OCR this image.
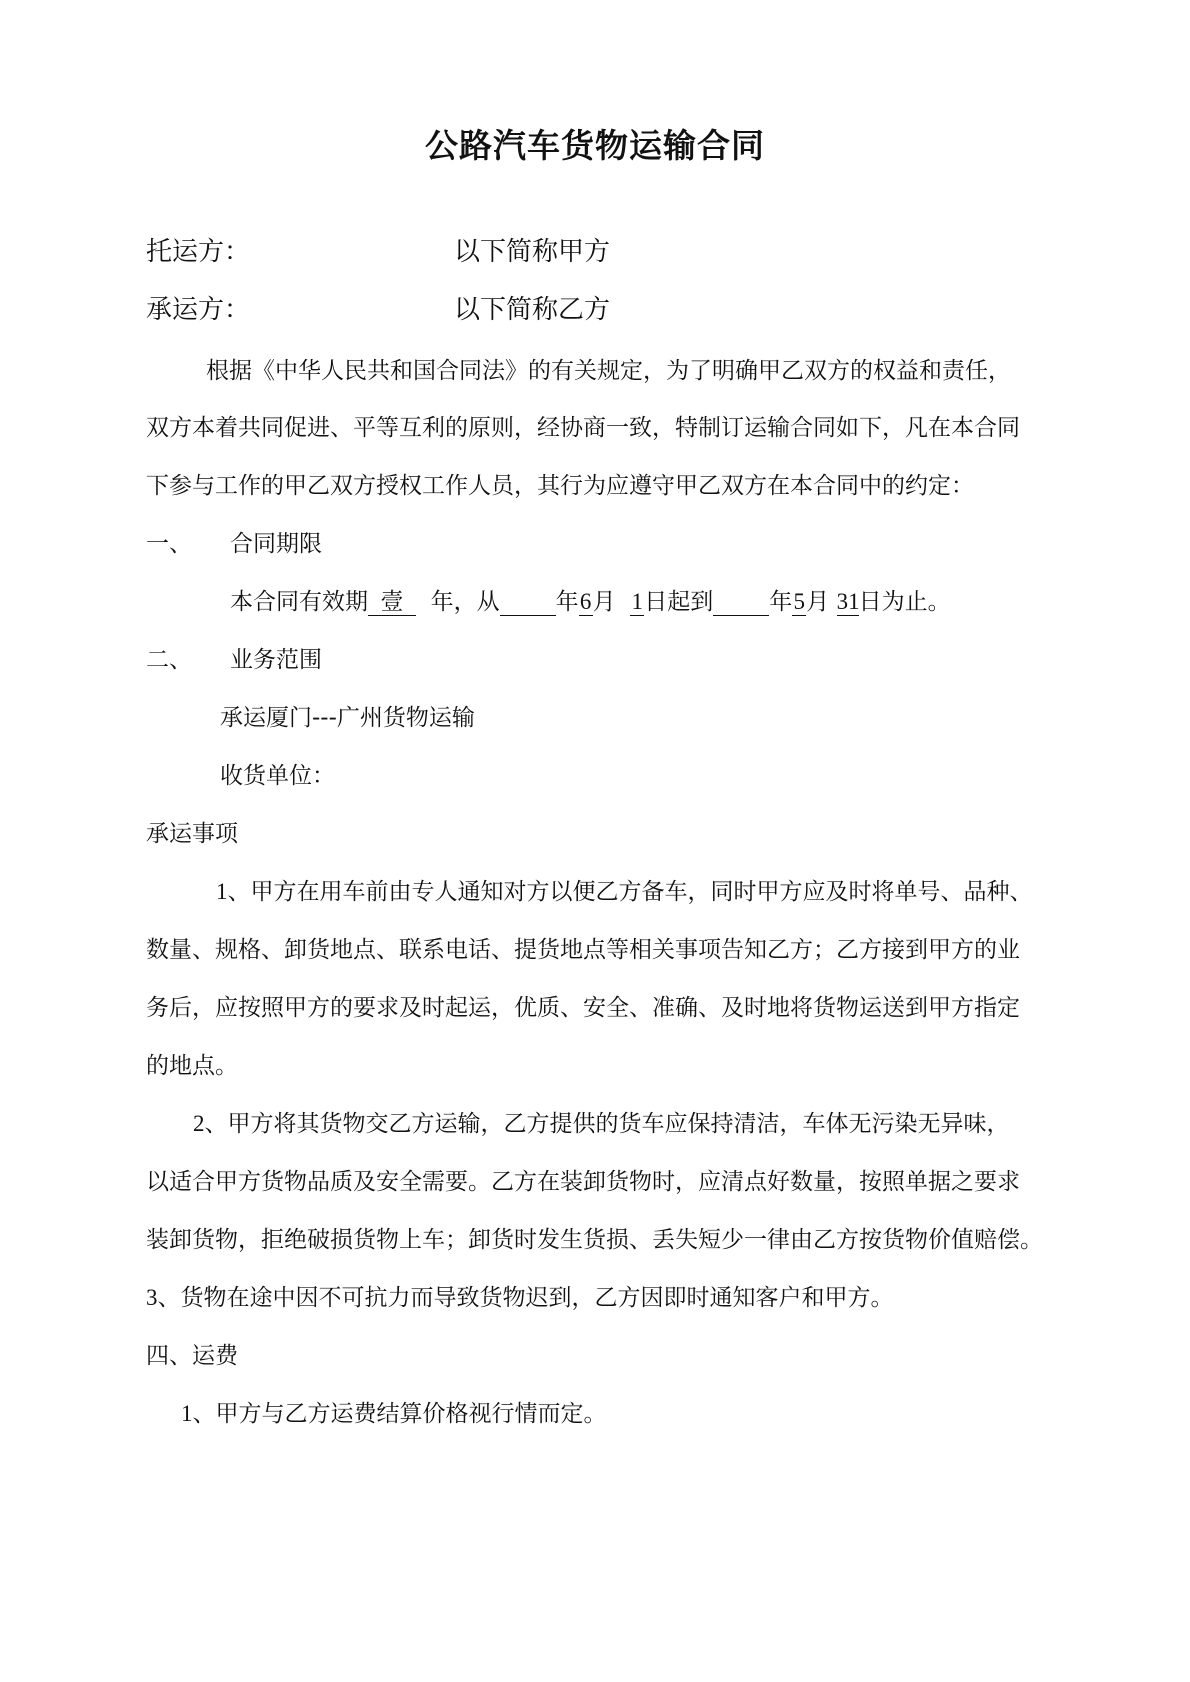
公路汽车货物运输合同
托运方：	以下简称甲方
承运方：	以下简称乙方
根据《中华人民共和国合同法》的有关规定，为了明确甲乙双方的权益和责任，
双方本着共同促进、平等互利的原则，经协商一致，特制订运输合同如下，凡在本合同
下参与工作的甲乙双方授权工作人员，其行为应遵守甲乙双方在本合同中的约定：
一、 合同期限
本合同有效期 壹 年，从 年6月 1日起到 年5月 31日为止。
二、 业务范围
承运厦门---广州货物运输
收货单位：
承运事项
1、甲方在用车前由专人通知对方以便乙方备车，同时甲方应及时将单号、品种、
数量、规格、卸货地点、联系电话、提货地点等相关事项告知乙方；乙方接到甲方的业
务后，应按照甲方的要求及时起运，优质、安全、准确、及时地将货物运送到甲方指定
的地点。
2、甲方将其货物交乙方运输，乙方提供的货车应保持清洁，车体无污染无异味，
以适合甲方货物品质及安全需要。乙方在装卸货物时，应清点好数量，按照单据之要求
装卸货物，拒绝破损货物上车；卸货时发生货损、丢失短少一律由乙方按货物价值赔偿。
3、货物在途中因不可抗力而导致货物迟到，乙方因即时通知客户和甲方。
四、运费
1、甲方与乙方运费结算价格视行情而定。
